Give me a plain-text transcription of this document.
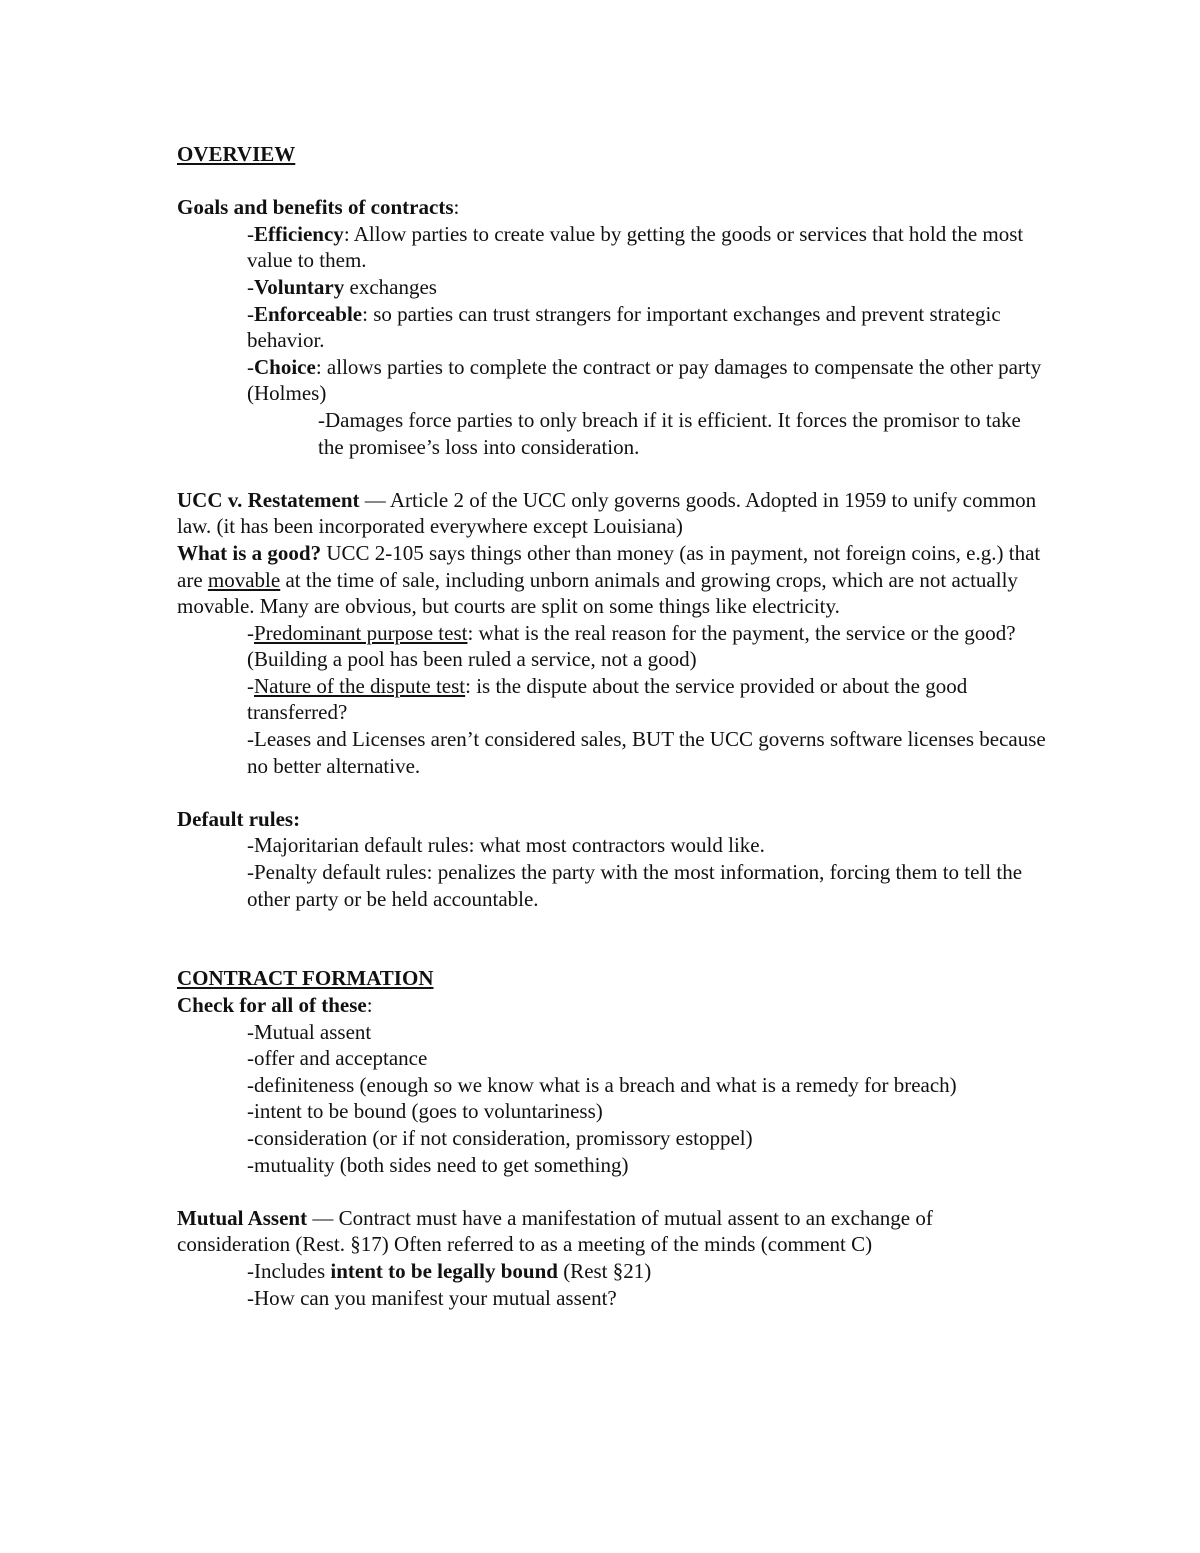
OVERVIEW

Goals and benefits of contracts:

-Efficiency: Allow parties to create value by getting the goods or services that hold the most value to them.

-Voluntary exchanges

-Enforceable: so parties can trust strangers for important exchanges and prevent strategic behavior.

-Choice: allows parties to complete the contract or pay damages to compensate the other party (Holmes)

-Damages force parties to only breach if it is efficient. It forces the promisor to take the promisee’s loss into consideration.

UCC v. Restatement — Article 2 of the UCC only governs goods. Adopted in 1959 to unify common law. (it has been incorporated everywhere except Louisiana)

What is a good? UCC 2-105 says things other than money (as in payment, not foreign coins, e.g.) that are movable at the time of sale, including unborn animals and growing crops, which are not actually movable. Many are obvious, but courts are split on some things like electricity.

-Predominant purpose test: what is the real reason for the payment, the service or the good? (Building a pool has been ruled a service, not a good)

-Nature of the dispute test: is the dispute about the service provided or about the good transferred?

-Leases and Licenses aren’t considered sales, BUT the UCC governs software licenses because no better alternative.

Default rules:

-Majoritarian default rules: what most contractors would like.

-Penalty default rules: penalizes the party with the most information, forcing them to tell the other party or be held accountable.

CONTRACT FORMATION

Check for all of these:

-Mutual assent

-offer and acceptance

-definiteness (enough so we know what is a breach and what is a remedy for breach)

-intent to be bound (goes to voluntariness)

-consideration (or if not consideration, promissory estoppel)

-mutuality (both sides need to get something)

Mutual Assent — Contract must have a manifestation of mutual assent to an exchange of consideration (Rest. §17) Often referred to as a meeting of the minds (comment C)

-Includes intent to be legally bound (Rest §21)

-How can you manifest your mutual assent?
